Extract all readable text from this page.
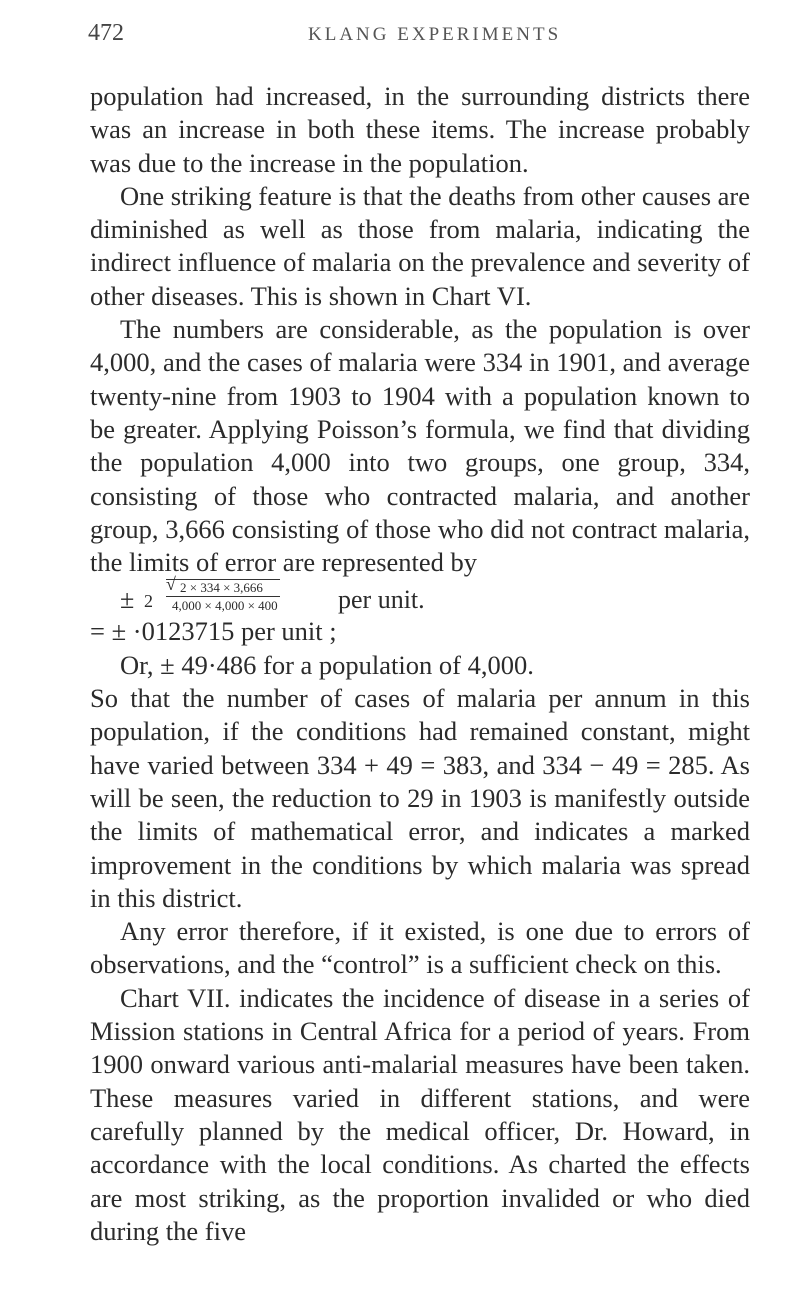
472	KLANG EXPERIMENTS

population had increased, in the surrounding districts there was an increase in both these items. The increase probably was due to the increase in the population.

One striking feature is that the deaths from other causes are diminished as well as those from malaria, indicating the indirect influence of malaria on the prevalence and severity of other diseases. This is shown in Chart VI.

The numbers are considerable, as the population is over 4,000, and the cases of malaria were 334 in 1901, and average twenty-nine from 1903 to 1904 with a population known to be greater. Applying Poisson’s formula, we find that dividing the population 4,000 into two groups, one group, 334, consisting of those who contracted malaria, and another group, 3,666 consisting of those who did not contract malaria, the limits of error are represented by

± $2 \frac{√ 2 \times 334 \times 3,666}{4,000 \times 4,000 \times 400}$ per unit.

= ± ·0123715 per unit ;

Or, ± 49·486 for a population of 4,000.

So that the number of cases of malaria per annum in this population, if the conditions had remained constant, might have varied between 334 + 49 = 383, and 334 − 49 = 285. As will be seen, the reduction to 29 in 1903 is manifestly outside the limits of mathematical error, and indicates a marked improvement in the conditions by which malaria was spread in this district.

Any error therefore, if it existed, is one due to errors of observations, and the “control” is a sufficient check on this.

Chart VII. indicates the incidence of disease in a series of Mission stations in Central Africa for a period of years. From 1900 onward various anti-malarial measures have been taken. These measures varied in different stations, and were carefully planned by the medical officer, Dr. Howard, in accordance with the local conditions. As charted the effects are most striking, as the proportion invalided or who died during the five
